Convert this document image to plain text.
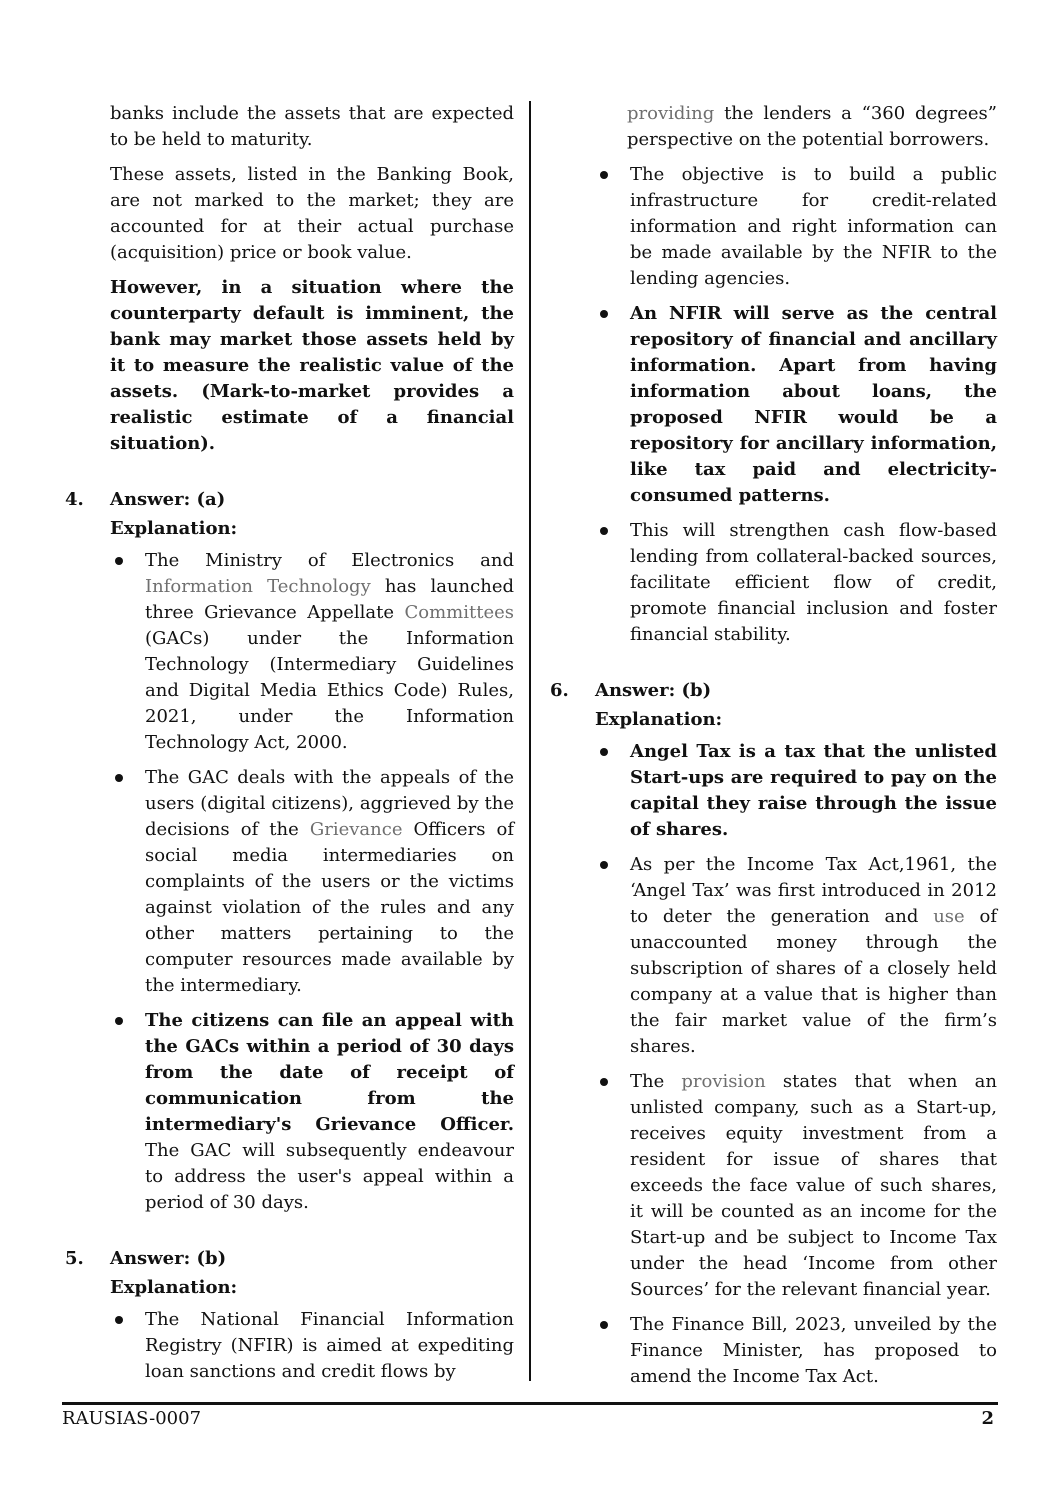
banks include the assets that are expected to be held to maturity.

These assets, listed in the Banking Book, are not marked to the market; they are accounted for at their actual purchase (acquisition) price or book value.

However, in a situation where the counterparty default is imminent, the bank may market those assets held by it to measure the realistic value of the assets. (Mark-to-market provides a realistic estimate of a financial situation).

4.	Answer: (a)

Explanation:

The Ministry of Electronics and Information Technology has launched three Grievance Appellate Committees (GACs) under the Information Technology (Intermediary Guidelines and Digital Media Ethics Code) Rules, 2021, under the Information Technology Act, 2000.

The GAC deals with the appeals of the users (digital citizens), aggrieved by the decisions of the Grievance Officers of social media intermediaries on complaints of the users or the victims against violation of the rules and any other matters pertaining to the computer resources made available by the intermediary.

The citizens can file an appeal with the GACs within a period of 30 days from the date of receipt of communication from the intermediary's Grievance Officer. The GAC will subsequently endeavour to address the user's appeal within a period of 30 days.

5.	Answer: (b)

Explanation:

The National Financial Information Registry (NFIR) is aimed at expediting loan sanctions and credit flows by

providing the lenders a “360 degrees” perspective on the potential borrowers.

The objective is to build a public infrastructure for credit-related information and right information can be made available by the NFIR to the lending agencies.

An NFIR will serve as the central repository of financial and ancillary information. Apart from having information about loans, the proposed NFIR would be a repository for ancillary information, like tax paid and electricity-consumed patterns.

This will strengthen cash flow-based lending from collateral-backed sources, facilitate efficient flow of credit, promote financial inclusion and foster financial stability.

6.	Answer: (b)

Explanation:

Angel Tax is a tax that the unlisted Start-ups are required to pay on the capital they raise through the issue of shares.

As per the Income Tax Act,1961, the ‘Angel Tax’ was first introduced in 2012 to deter the generation and use of unaccounted money through the subscription of shares of a closely held company at a value that is higher than the fair market value of the firm’s shares.

The provision states that when an unlisted company, such as a Start-up, receives equity investment from a resident for issue of shares that exceeds the face value of such shares, it will be counted as an income for the Start-up and be subject to Income Tax under the head ‘Income from other Sources’ for the relevant financial year.

The Finance Bill, 2023, unveiled by the Finance Minister, has proposed to amend the Income Tax Act.

RAUSIAS-0007	2
